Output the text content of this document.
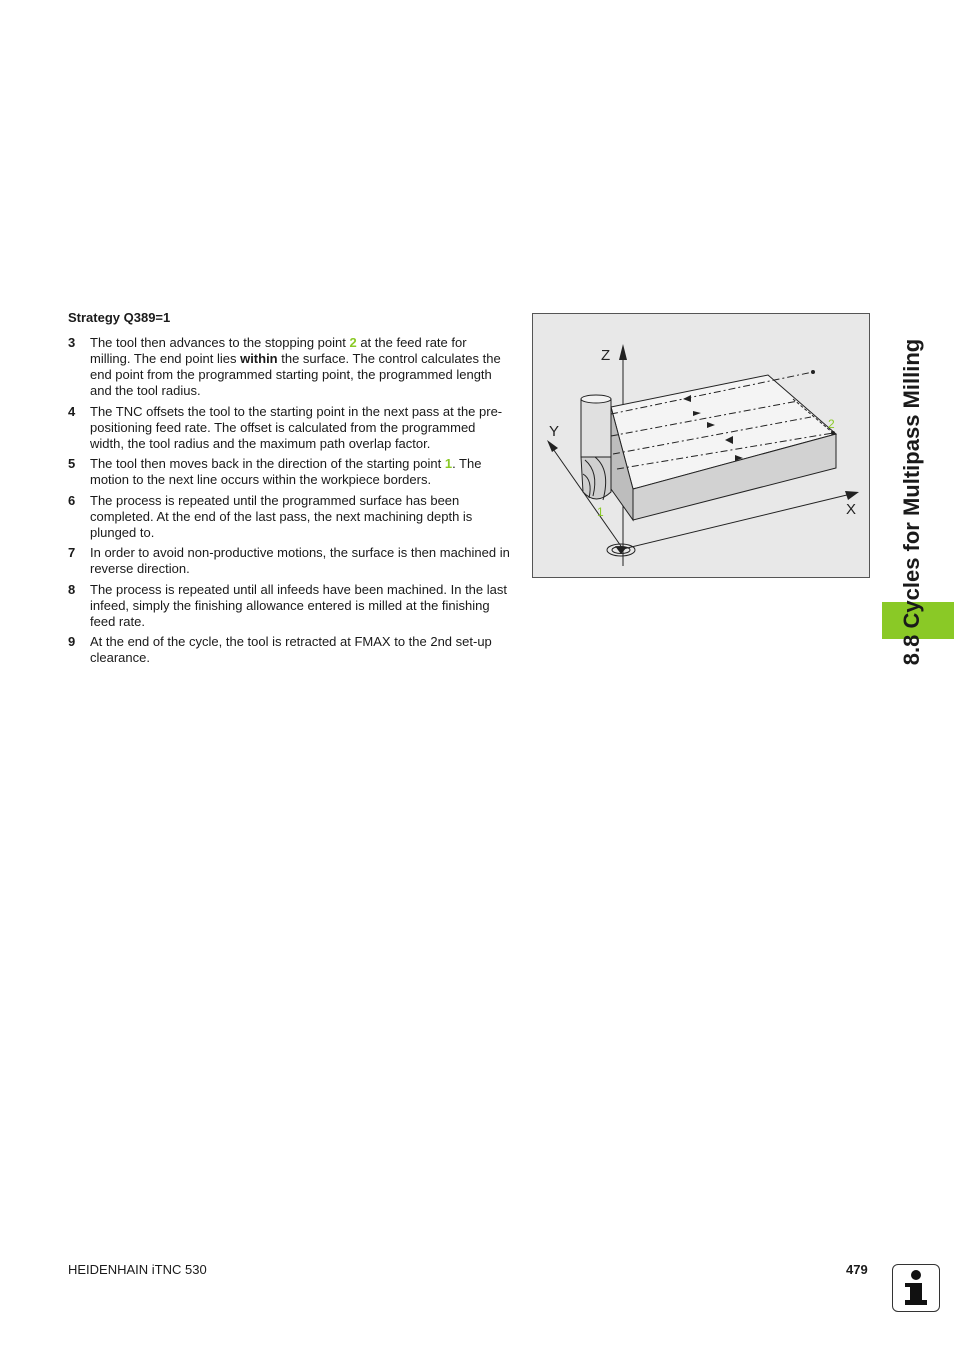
Strategy Q389=1
3 The tool then advances to the stopping point 2 at the feed rate for milling. The end point lies within the surface. The control calculates the end point from the programmed starting point, the programmed length and the tool radius.
4 The TNC offsets the tool to the starting point in the next pass at the pre-positioning feed rate. The offset is calculated from the programmed width, the tool radius and the maximum path overlap factor.
5 The tool then moves back in the direction of the starting point 1. The motion to the next line occurs within the workpiece borders.
6 The process is repeated until the programmed surface has been completed. At the end of the last pass, the next machining depth is plunged to.
7 In order to avoid non-productive motions, the surface is then machined in reverse direction.
8 The process is repeated until all infeeds have been machined. In the last infeed, simply the finishing allowance entered is milled at the finishing feed rate.
9 At the end of the cycle, the tool is retracted at FMAX to the 2nd set-up clearance.
Z
Y
X
1
2	8.8 Cycles for Multipass Milling
HEIDENHAIN iTNC 530	479
